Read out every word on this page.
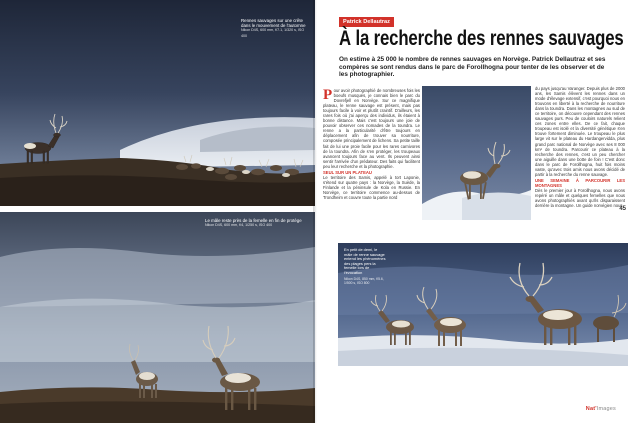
Rennes sauvages sur une crête dans le mouvement de l'automne
Nikon D4S, 600 mm, f/7.1, 1/320 s, ISO 400
Le mâle reste près de la femelle en fin de protège
Nikon D4S, 600 mm, f/4, 1/250 s, ISO 400
Patrick Dellautraz
À la recherche des rennes sauvages
On estime à 25 000 le nombre de rennes sauvages en Norvège. Patrick Dellautraz et ses compères se sont rendus dans le parc de Forollhogna pour tenter de les observer et de les photographier.

Pour avoir photographié de nombreuses fois les boeufs musqués, je connais bien le parc du Dovrefjell en Norvège. Sur ce magnifique plateau, le renne sauvage est présent, mais pas toujours facile à voir et plutôt craintif. D'ailleurs, les rares fois où j'ai aperçu des individus, ils étaient à bonne distance. Mais c'est toujours une joie de pouvoir observer ces nomades de la toundra. Le renne a la particularité d'être toujours en déplacement afin de trouver sa nourriture, composée principalement de lichens. Sa petite taille fait de lui une proie facile pour les rares carnivores de la toundra. Afin de s'en protéger, les troupeaux avancent toujours face au vent. Ils peuvent ainsi sentir l'arrivée d'un prédateur. Des faits qui facilitent peu leur recherche et la photographie.

SEUL SUR UN PLATEAU

Le territoire des Samis, appelé à tort Laponie, s'étend sur quatre pays : la Norvège, la Suède, la Finlande et la péninsule de Kola en Russie. En Norvège, ce territoire commence au-dessus de Trondheim et couvre toute la partie nord

du pays jusqu'au Varanger. Depuis plus de 2000 ans, les Samis élèvent les rennes dans un mode d'élevage extensif, c'est pourquoi nous en trouvons en liberté à la recherche de nourriture dans la toundra. Dans les montagnes au sud de ce territoire, on découvre cependant des rennes sauvages purs. Peu de couloirs naturels relient ces zones entre elles. De ce fait, chaque troupeau est isolé et la diversité génétique s'en trouve fortement diminuée. Le troupeau le plus large vit sur le plateau du Hardangervidda, plus grand parc national de Norvège avec ses 8 000 km² de toundra. Parcourir ce plateau à la recherche des rennes, c'est un peu chercher une aiguille dans une botte de foin ! C'est donc dans le parc de Forollhogna, huit fois moins vaste, qu'avec trois amis nous avons décidé de partir à la recherche du renne sauvage.

UNE SEMAINE À PARCOURIR LES MONTAGNES

Dès le premier jour à Forollhogna, nous avons repéré un mâle et quelques femelles que nous avons photographiés avant qu'ils disparaissent derrière la montagne. Un guide norvégien nous

En petit de demi, le mâle de renne sauvage entend les phénomènes des plages pers la femelle lors de l'évocation
Nikon D4S, 850 mm, f/5.6, 1/500 s, ISO 800
45
Nat'Images
